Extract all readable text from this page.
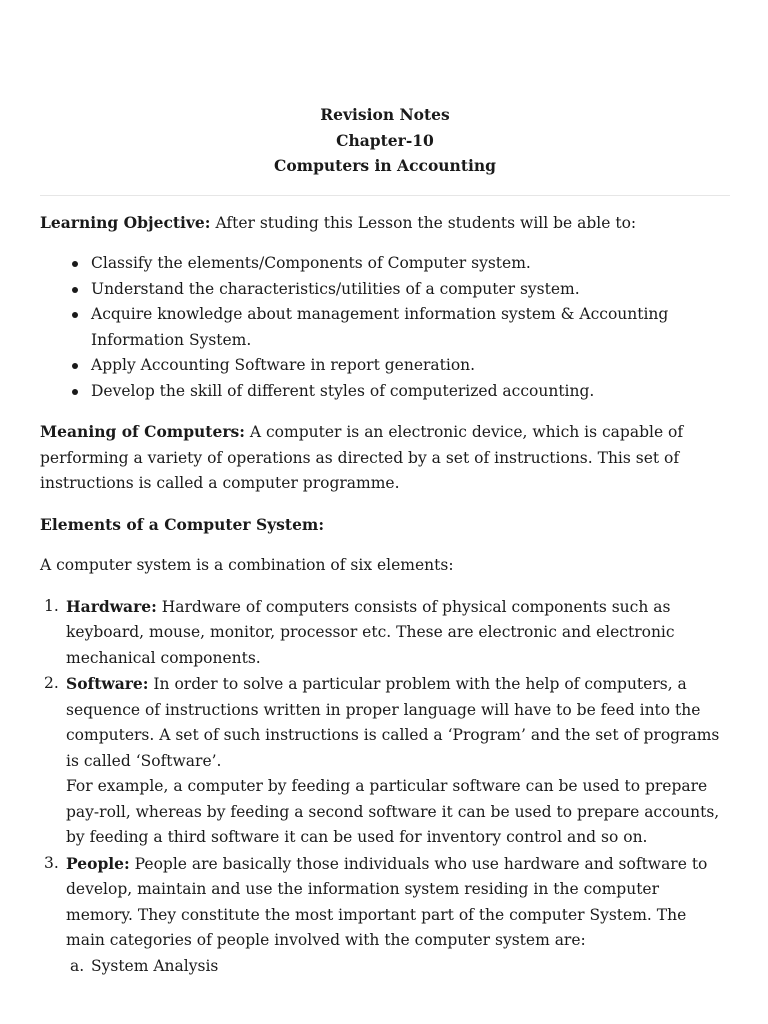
Revision Notes
Chapter-10
Computers in Accounting

Learning Objective: After studing this Lesson the students will be able to:

Classify the elements/Components of Computer system.
Understand the characteristics/utilities of a computer system.
Acquire knowledge about management information system & Accounting Information System.
Apply Accounting Software in report generation.
Develop the skill of different styles of computerized accounting.

Meaning of Computers: A computer is an electronic device, which is capable of performing a variety of operations as directed by a set of instructions. This set of instructions is called a computer programme.

Elements of a Computer System:

A computer system is a combination of six elements:

1. Hardware: Hardware of computers consists of physical components such as keyboard, mouse, monitor, processor etc. These are electronic and electronic mechanical components.
2. Software: In order to solve a particular problem with the help of computers, a sequence of instructions written in proper language will have to be feed into the computers. A set of such instructions is called a ‘Program’ and the set of programs is called ‘Software’.
For example, a computer by feeding a particular software can be used to prepare pay-roll, whereas by feeding a second software it can be used to prepare accounts, by feeding a third software it can be used for inventory control and so on.
3. People: People are basically those individuals who use hardware and software to develop, maintain and use the information system residing in the computer memory. They constitute the most important part of the computer System. The main categories of people involved with the computer system are:
a. System Analysis
